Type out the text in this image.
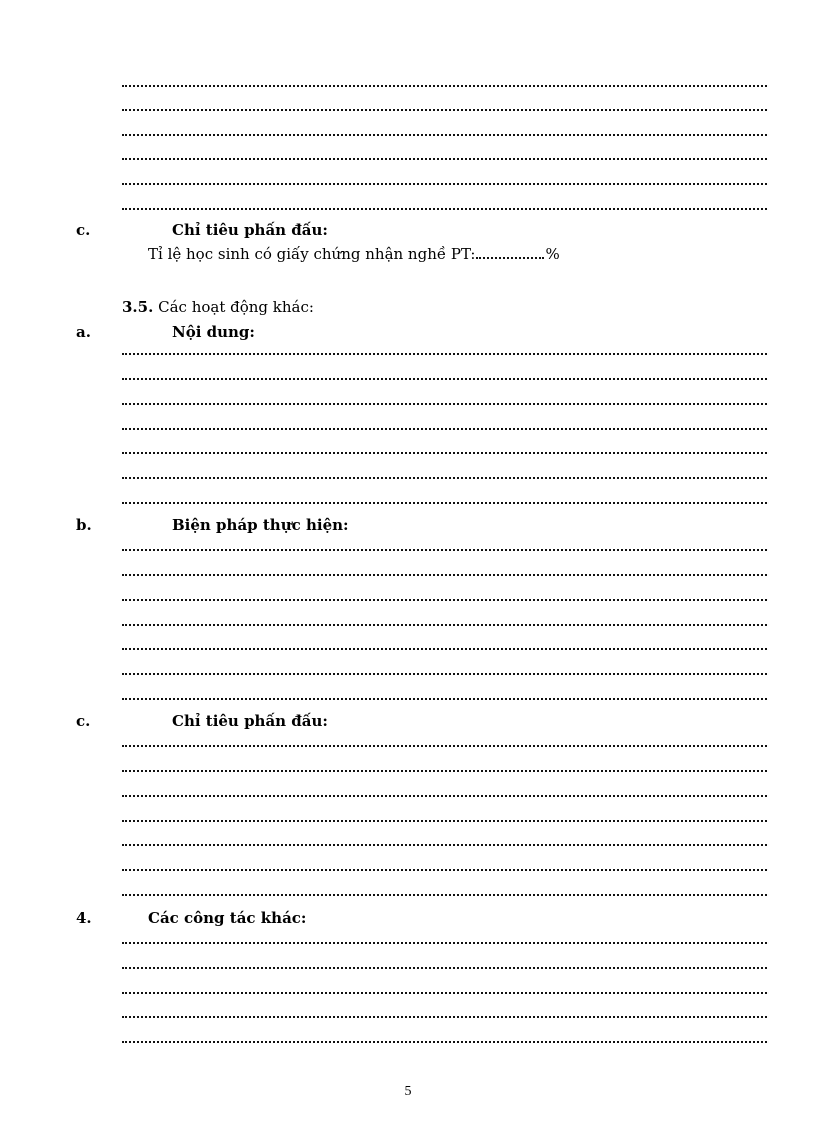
c.	Chỉ tiêu phấn đấu:
Tỉ lệ học sinh có giấy chứng nhận nghề PT:	%
3.5. Các hoạt động khác:
a.	Nội dung:
b.	Biện pháp thực hiện:
c.	Chỉ tiêu phấn đấu:
4.	Các công tác khác:
5
